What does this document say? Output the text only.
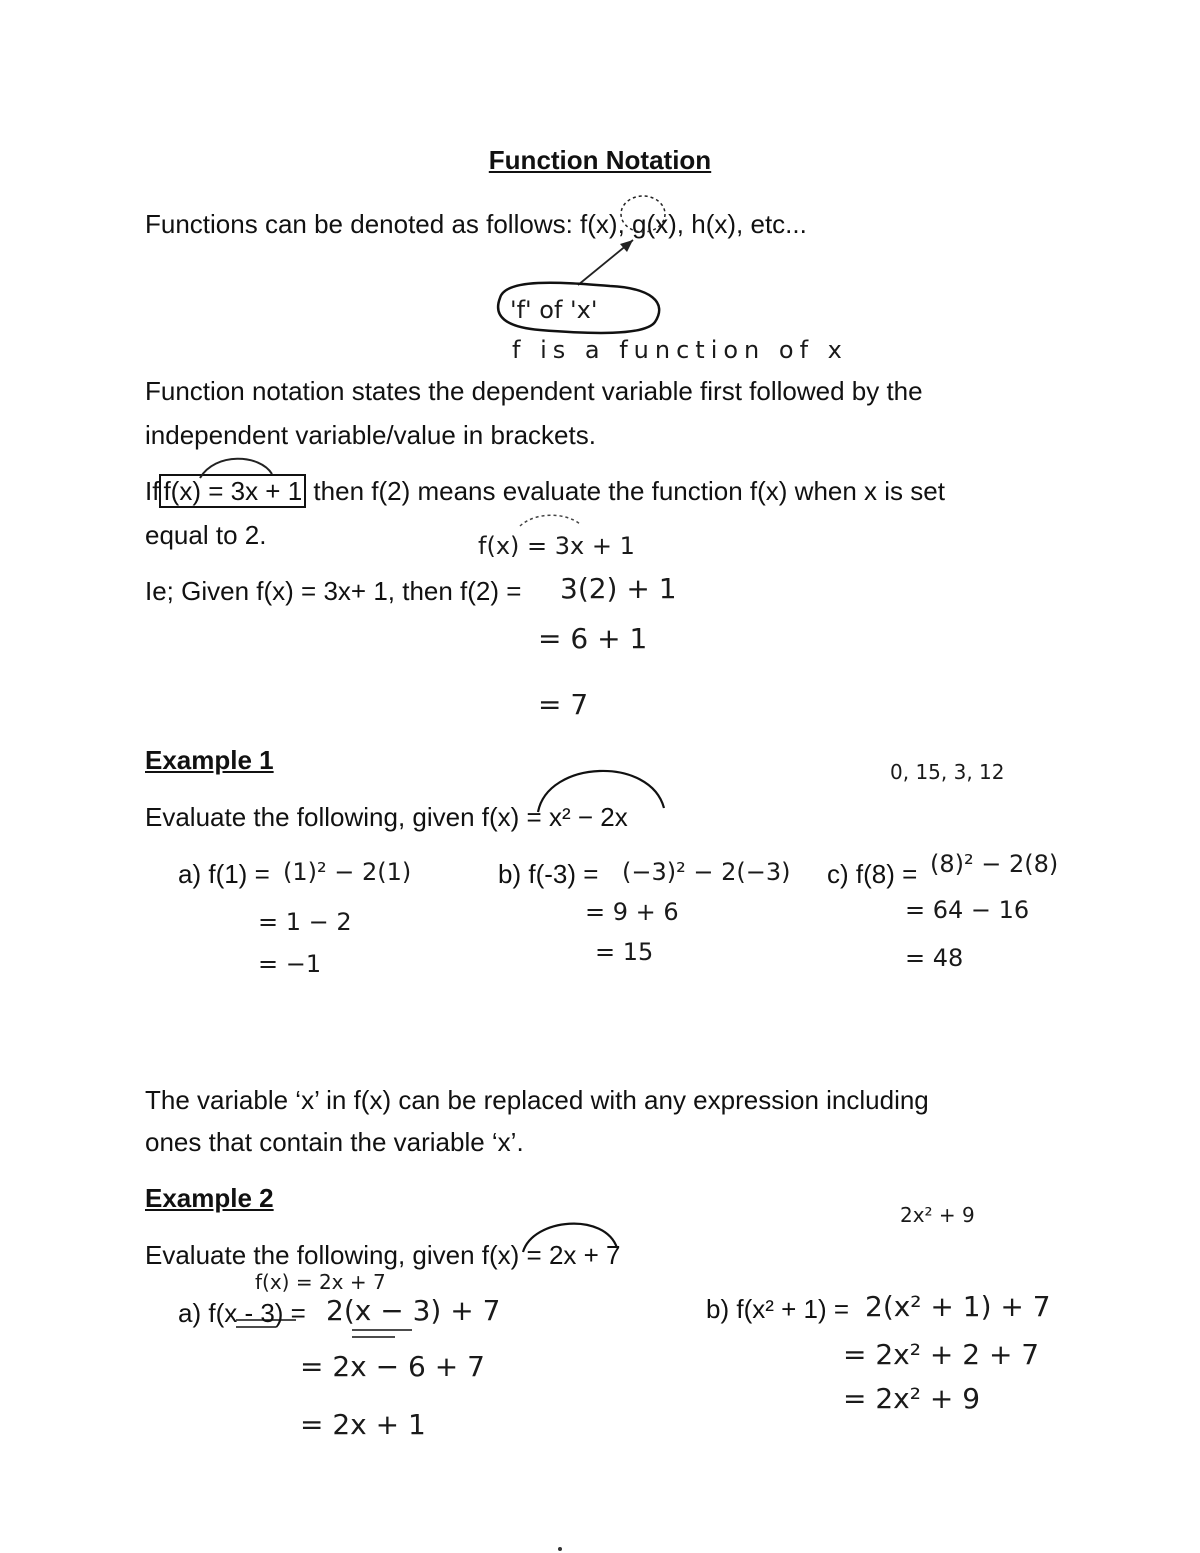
Function Notation
Functions can be denoted as follows: f(x), g(x), h(x), etc...
'f' of 'x'
f is a function of x
Function notation states the dependent variable first followed by the
independent variable/value in brackets.
If f(x) = 3x + 1 then f(2) means evaluate the function f(x) when x is set
equal to 2.	f(x) = 3x + 1
Ie; Given f(x) = 3x+ 1, then f(2) = 3(2) + 1
= 6 + 1
= 7
Example 1	0, 15, 3, 12
Evaluate the following, given f(x) = x² − 2x
a) f(1) = (1)² − 2(1)
= 1 − 2
= −1
b) f(-3) = (−3)² − 2(−3)
= 9 + 6
= 15
c) f(8) = (8)² − 2(8)
= 64 − 16
= 48
The variable ‘x’ in f(x) can be replaced with any expression including
ones that contain the variable ‘x’.
Example 2
2x² + 9
Evaluate the following, given f(x) = 2x + 7
f(x) = 2x + 7
a) f(x - 3) = 2(x − 3) + 7
= 2x − 6 + 7
= 2x + 1
b) f(x² + 1) = 2(x² + 1) + 7
= 2x² + 2 + 7
= 2x² + 9
